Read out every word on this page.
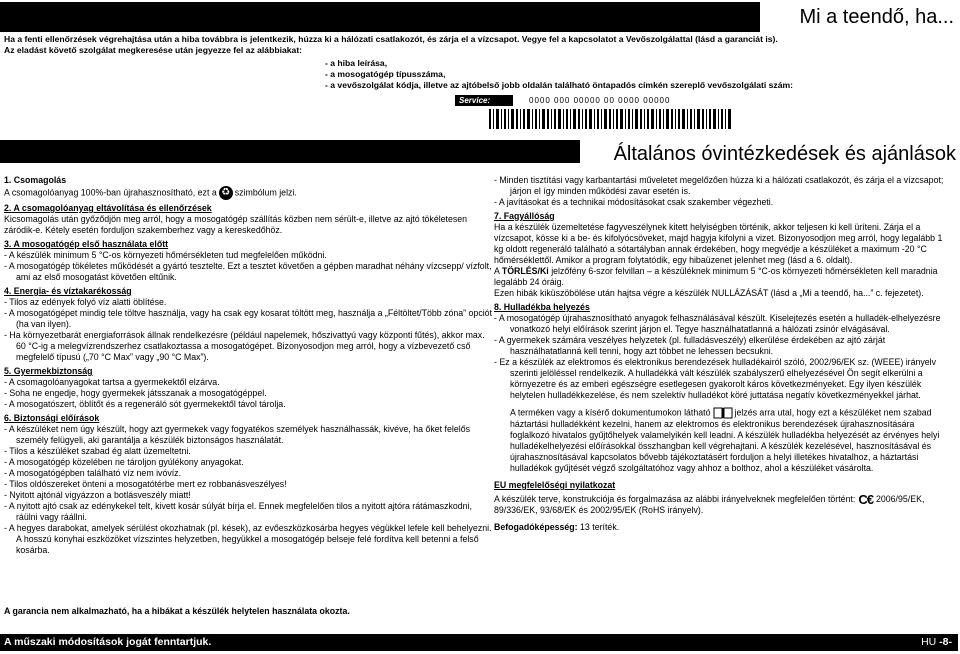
Mi a teendő, ha...

Ha a fenti ellenőrzések végrehajtása után a hiba továbbra is jelentkezik, húzza ki a hálózati csatlakozót, és zárja el a vízcsapot. Vegye fel a kapcsolatot a Vevőszolgálattal (lásd a garanciát is).

Az eladást követő szolgálat megkeresése után jegyezze fel az alábbiakat:

- a hiba leírása,

- a mosogatógép típusszáma,

- a vevőszolgálat kódja, illetve az ajtóbelső jobb oldalán található öntapadós címkén szereplő vevőszolgálati szám:

Service:	0000 000 00000 00 0000 00000
Általános óvintézkedések és ajánlások

1. Csomagolás

A csomagolóanyag 100%-ban újrahasznosítható, ezt a ♻ szimbólum jelzi.

2. A csomagolóanyag eltávolítása és ellenőrzések

Kicsomagolás után győződjön meg arról, hogy a mosogatógép szállítás közben nem sérült-e, illetve az ajtó tökéletesen záródik-e. Kétely esetén forduljon szakemberhez vagy a kereskedőhöz.

3. A mosogatógép első használata előtt

- A készülék minimum 5 °C-os környezeti hőmérsékleten tud megfelelően működni.

- A mosogatógép tökéletes működését a gyártó tesztelte. Ezt a tesztet követően a gépben maradhat néhány vízcsepp/ vízfolt, ami az első mosogatást követően eltűnik.

4. Energia- és víztakarékosság

- Tilos az edények folyó víz alatti öblítése.

- A mosogatógépet mindig tele töltve használja, vagy ha csak egy kosarat töltött meg, használja a „Féltöltet/Több zóna” opciót (ha van ilyen).

- Ha környezetbarát energiaforrások állnak rendelkezésre (például napelemek, hőszivattyú vagy központi fűtés), akkor max. 60 °C-ig a melegvízrendszerhez csatlakoztassa a mosogatógépet. Bizonyosodjon meg arról, hogy a vízbevezető cső megfelelő típusú („70 °C Max” vagy „90 °C Max”).

5. Gyermekbiztonság

- A csomagolóanyagokat tartsa a gyermekektől elzárva.

- Soha ne engedje, hogy gyermekek játsszanak a mosogatógéppel.

- A mosogatószert, öblítőt és a regeneráló sót gyermekektől távol tárolja.

6. Biztonsági előírások

- A készüléket nem úgy készült, hogy azt gyermekek vagy fogyatékos személyek használhassák, kivéve, ha őket felelős személy felügyeli, aki garantálja a készülék biztonságos használatát.

- Tilos a készüléket szabad ég alatt üzemeltetni.

- A mosogatógép közelében ne tároljon gyúlékony anyagokat.

- A mosogatógépben található víz nem ivóvíz.

- Tilos oldószereket önteni a mosogatótérbe mert ez robbanásveszélyes!

- Nyitott ajtónál vigyázzon a botlásveszély miatt!

- A nyitott ajtó csak az edénykekel telt, kivett kosár súlyát bírja el. Ennek megfelelően tilos a nyitott ajtóra rátámaszkodni, ráülni vagy ráállni.

- A hegyes darabokat, amelyek sérülést okozhatnak (pl. kések), az evőeszközkosárba hegyes végükkel lefele kell behelyezni. A hosszú konyhai eszközöket vízszintes helyzetben, hegyükkel a mosogatógép belseje felé fordítva kell betenni a felső kosárba.

- Minden tisztítási vagy karbantartási műveletet megelőzően húzza ki a hálózati csatlakozót, és zárja el a vízcsapot; járjon el így minden működési zavar esetén is.

- A javításokat és a technikai módosításokat csak szakember végezheti.

7. Fagyállóság

Ha a készülék üzemeltetése fagyveszélynek kitett helyiségben történik, akkor teljesen ki kell üríteni. Zárja el a vízcsapot, kösse ki a be- és kifolyócsöveket, majd hagyja kifolyni a vizet. Bizonyosodjon meg arról, hogy legalább 1 kg oldott regeneráló található a sótartályban annak érdekében, hogy megvédje a készüléket a maximum -20 °C hőmérséklettől. Amikor a program folytatódik, egy hibaüzenet jelenhet meg (lásd a 6. oldalt).

A TÖRLÉS/Ki jelzőfény 6-szor felvillan – a készüléknek minimum 5 °C-os környezeti hőmérsékleten kell maradnia legalább 24 óráig.

Ezen hibák kiküszöbölése után hajtsa végre a készülék NULLÁZÁSÁT (lásd a „Mi a teendő, ha...” c. fejezetet).

8. Hulladékba helyezés

- A mosogatógép újrahasznosítható anyagok felhasználásával készült. Kiselejtezés esetén a hulladék-elhelyezésre vonatkozó helyi előírások szerint járjon el. Tegye használhatatlanná a hálózati zsinór elvágásával.

- A gyermekek számára veszélyes helyzetek (pl. fulladásveszély) elkerülése érdekében az ajtó zárját használhatatlanná kell tenni, hogy azt többet ne lehessen becsukni.

- Ez a készülék az elektromos és elektronikus berendezések hulladékairól szóló, 2002/96/EK sz. (WEEE) irányelv szerinti jelöléssel rendelkezik. A hulladékká vált készülék szabályszerű elhelyezésével Ön segít elkerülni a környezetre és az emberi egészségre esetlegesen gyakorolt káros következményeket. Egy ilyen készülék helytelen hulladékkezelése, és nem szelektív hulladékot köré juttatása negatív következményekkel járhat.

A terméken vagy a kísérő dokumentumokon látható	jelzés arra utal, hogy ezt a készüléket nem szabad háztartási hulladékként kezelni, hanem az elektromos és elektronikus berendezések újrahasznosítására foglalkozó hivatalos gyűjtőhelyek valamelyikén kell leadni. A készülék hulladékba helyezését az érvényes helyi hulladékelhelyezési előírásokkal összhangban kell végrehajtani. A készülék kezelésével, hasznosításával és újrahasznosításával kapcsolatos bővebb tájékoztatásért forduljon a helyi illetékes hivatalhoz, a háztartási hulladékok gyűjtését végző szolgáltatóhoz vagy ahhoz a bolthoz, ahol a készüléket vásárolta.

EU megfelelőségi nyilatkozat

A készülék terve, konstrukciója és forgalmazása az alábbi irányelveknek megfelelően történt: C€ 2006/95/EK, 89/336/EK, 93/68/EK és 2002/95/EK (RoHS irányelv).

Befogadóképesség: 13 teríték.

A garancia nem alkalmazható, ha a hibákat a készülék helytelen használata okozta.
A műszaki módosítások jogát fenntartjuk.	HU -8-
